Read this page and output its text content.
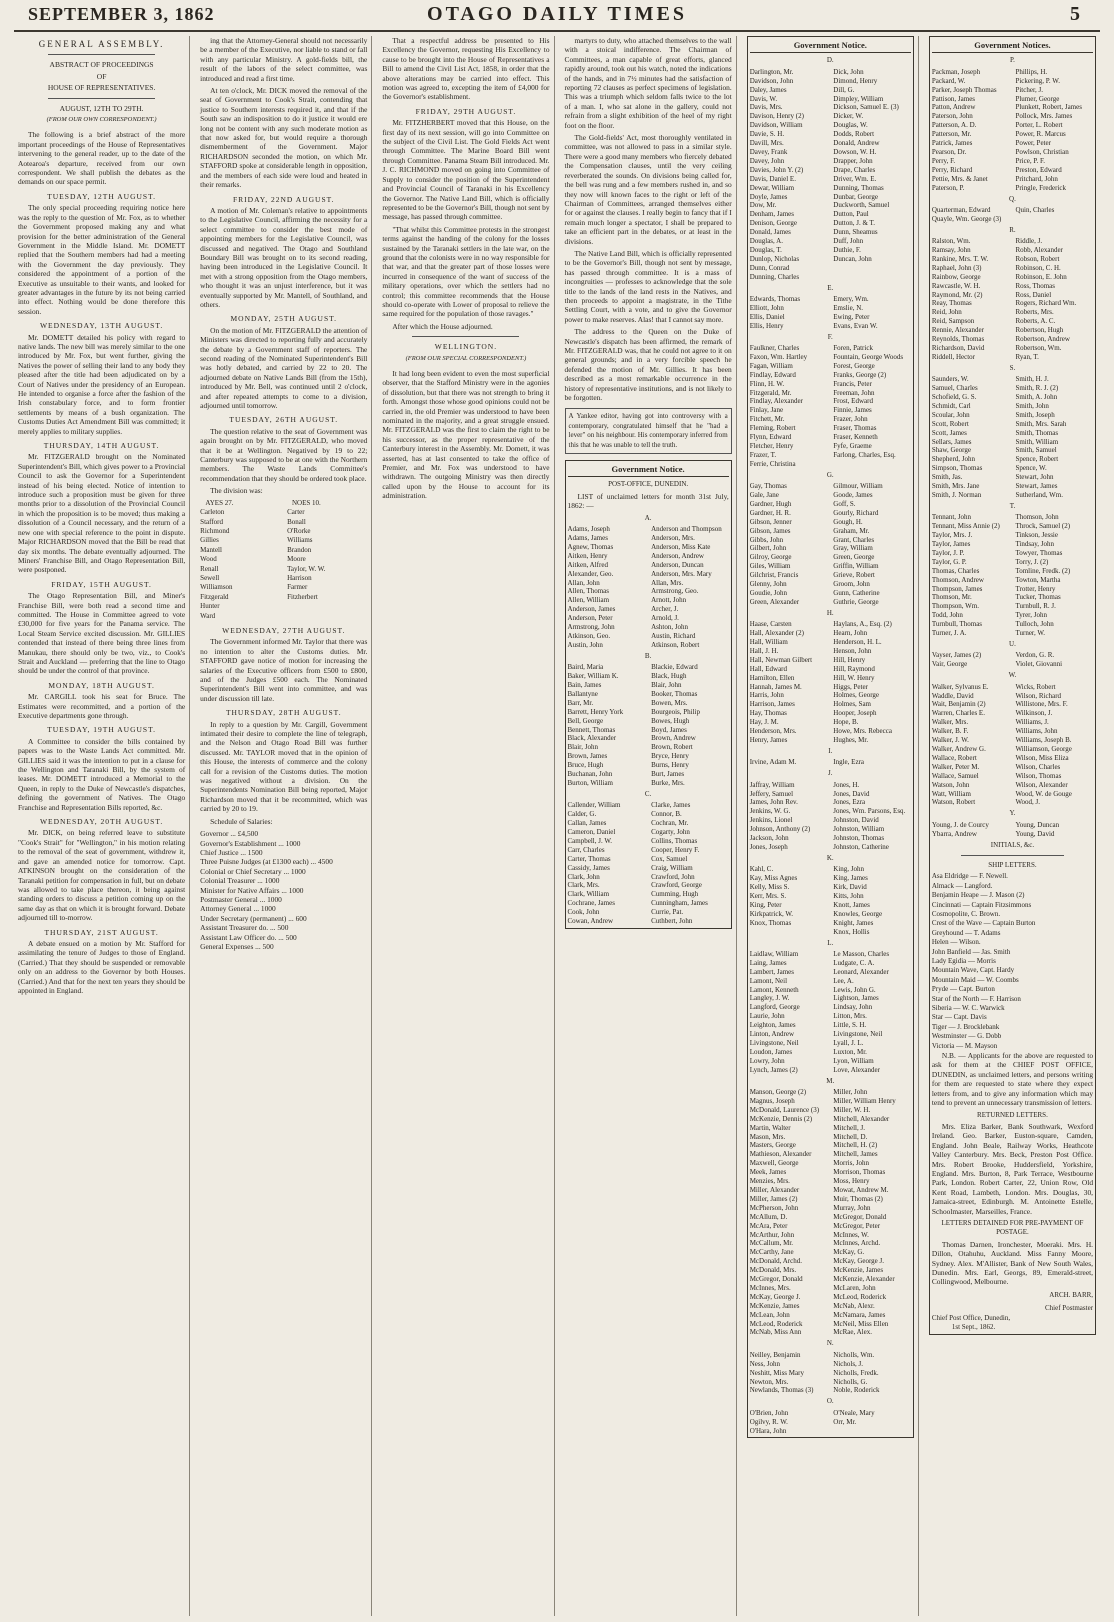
SEPTEMBER 3, 1862	OTAGO DAILY TIMES	5
GENERAL ASSEMBLY.
ABSTRACT OF PROCEEDINGS
OF
HOUSE OF REPRESENTATIVES.
AUGUST, 12TH TO 29TH.
(FROM OUR OWN CORRESPONDENT.)

The following is a brief abstract of the more important proceedings of the House of Representatives intervening to the general reader, up to the date of the Aotearoa's departure, received from our own correspondent. We shall publish the debates as the demands on our space permit.

TUESDAY, 12TH AUGUST.

The only special proceeding requiring notice here was the reply to the question of Mr. Fox, as to whether the Government proposed making any and what provision for the better administration of the General Government in the Middle Island. Mr. DOMETT replied that the Southern members had had a meeting with the Government the day previously. They considered the appointment of a portion of the Executive as unsuitable to their wants, and looked for greater advantages in the future by its not being carried into effect. Nothing would be done therefore this session.

WEDNESDAY, 13TH AUGUST.

Mr. DOMETT detailed his policy with regard to native lands. The new bill was merely similar to the one introduced by Mr. Fox, but went further, giving the Natives the power of selling their land to any body they pleased after the title had been adjudicated on by a Court of Natives under the presidency of an European. He intended to organise a force after the fashion of the Irish constabulary force, and to form frontier settlements by means of a bush organization. The Customs Duties Act Amendment Bill was committed; it merely applies to military supplies.

THURSDAY, 14TH AUGUST.

Mr. FITZGERALD brought on the Nominated Superintendent's Bill, which gives power to a Provincial Council to ask the Governor for a Superintendent instead of his being elected. Notice of intention to introduce such a proposition must be given for three months prior to a dissolution of the Provincial Council in which the proposition is to be moved; thus making a dissolution of a Council necessary, and the return of a new one with special reference to the point in dispute. Major RICHARDSON moved that the Bill be read that day six months. The debate eventually adjourned. The Miners' Franchise Bill, and Otago Representation Bill, were postponed.

FRIDAY, 15TH AUGUST.

The Otago Representation Bill, and Miner's Franchise Bill, were both read a second time and committed. The House in Committee agreed to vote £30,000 for five years for the Panama service. The Local Steam Service excited discussion. Mr. GILLIES contended that instead of there being three lines from Manukau, there should only be two, viz., to Cook's Strait and Auckland — preferring that the line to Otago should be under the control of that province.

MONDAY, 18TH AUGUST.

Mr. CARGILL took his seat for Bruce. The Estimates were recommitted, and a portion of the Executive departments gone through.

TUESDAY, 19TH AUGUST.

A Committee to consider the bills contained by papers was to the Waste Lands Act committed. Mr. GILLIES said it was the intention to put in a clause for the Wellington and Taranaki Bill, by the system of leases. Mr. DOMETT introduced a Memorial to the Queen, in reply to the Duke of Newcastle's dispatches, defining the government of Natives. The Otago Franchise and Representation Bills reported, &c.

WEDNESDAY, 20TH AUGUST.

Mr. DICK, on being referred leave to substitute "Cook's Strait" for "Wellington," in his motion relating to the removal of the seat of government, withdrew it, and gave an amended notice for tomorrow. Capt. ATKINSON brought on the consideration of the Taranaki petition for compensation in full, but on debate was allowed to take place thereon, it being against standing orders to discuss a petition coming up on the same day as that on which it is brought forward. Debate adjourned till to-morrow.

THURSDAY, 21ST AUGUST.

A debate ensued on a motion by Mr. Stafford for assimilating the tenure of Judges to those of England. (Carried.) That they should be suspended or removable only on an address to the Governor by both Houses. (Carried.) And that for the next ten years they should be appointed in England.

ing that the Attorney-General should not necessarily be a member of the Executive, nor liable to stand or fall with any particular Ministry. A gold-fields bill, the result of the labors of the select committee, was introduced and read a first time.

At ten o'clock, Mr. DICK moved the removal of the seat of Government to Cook's Strait, contending that justice to Southern interests required it, and that if the South saw an indisposition to do it justice it would ere long not be content with any such moderate motion as that now asked for, but would require a thorough dismemberment of the Government. Major RICHARDSON seconded the motion, on which Mr. STAFFORD spoke at considerable length in opposition, and the members of each side were loud and heated in their remarks.

FRIDAY, 22ND AUGUST.

A motion of Mr. Coleman's relative to appointments to the Legislative Council, affirming the necessity for a select committee to consider the best mode of appointing members for the Legislative Council, was discussed and negatived. The Otago and Southland Boundary Bill was brought on to its second reading, having been introduced in the Legislative Council. It met with a strong opposition from the Otago members, who thought it was an unjust interference, but it was eventually supported by Mr. Mantell, of Southland, and others.

MONDAY, 25TH AUGUST.

On the motion of Mr. FITZGERALD the attention of Ministers was directed to reporting fully and accurately the debate by a Government staff of reporters. The second reading of the Nominated Superintendent's Bill was hotly debated, and carried by 22 to 20. The adjourned debate on Native Lands Bill (from the 15th), introduced by Mr. Bell, was continued until 2 o'clock, and after repeated attempts to come to a division, adjourned until tomorrow.

TUESDAY, 26TH AUGUST.

The question relative to the seat of Government was again brought on by Mr. FITZGERALD, who moved that it be at Wellington. Negatived by 19 to 22; Canterbury was supposed to be at one with the Northern members. The Waste Lands Committee's recommendation that they should be ordered took place.

The division was:

AYES 27.
Carleton
Stafford
Richmond
Gillies
Mantell
Wood
Renall
Sewell
Williamson
Fitzgerald
Hunter
Ward
NOES 10.
Carter
Bonall
O'Rorke
Williams
Brandon
Moore
Taylor, W. W.
Harrison
Farmer
Fitzherbert
WEDNESDAY, 27TH AUGUST.

The Government informed Mr. Taylor that there was no intention to alter the Customs duties. Mr. STAFFORD gave notice of motion for increasing the salaries of the Executive officers from £500 to £800, and of the Judges £500 each. The Nominated Superintendent's Bill went into committee, and was under discussion till late.

THURSDAY, 28TH AUGUST.

In reply to a question by Mr. Cargill, Government intimated their desire to complete the line of telegraph, and the Nelson and Otago Road Bill was further discussed. Mr. TAYLOR moved that in the opinion of this House, the interests of commerce and the colony call for a revision of the Customs duties. The motion was negatived without a division. On the Superintendents Nomination Bill being reported, Major Richardson moved that it be recommitted, which was carried by 20 to 19.

Schedule of Salaries:

Governor ... £4,500
Governor's Establishment ... 1000
Chief Justice ... 1500
Three Puisne Judges (at £1300 each) ... 4500
Colonial or Chief Secretary ... 1000
Colonial Treasurer ... 1000
Minister for Native Affairs ... 1000
Postmaster General ... 1000
Attorney General ... 1000
Under Secretary (permanent) ... 600
Assistant Treasurer do. ... 500
Assistant Law Officer do. ... 500
General Expenses ... 500

That a respectful address be presented to His Excellency the Governor, requesting His Excellency to cause to be brought into the House of Representatives a Bill to amend the Civil List Act, 1858, in order that the above alterations may be carried into effect. This motion was agreed to, excepting the item of £4,000 for the Governor's establishment.

FRIDAY, 29TH AUGUST.

Mr. FITZHERBERT moved that this House, on the first day of its next session, will go into Committee on the subject of the Civil List. The Gold Fields Act went through Committee. The Marine Board Bill went through Committee. Panama Steam Bill introduced. Mr. J. C. RICHMOND moved on going into Committee of Supply to consider the position of the Superintendent and Provincial Council of Taranaki in his Excellency the Governor. The Native Land Bill, which is officially represented to be the Governor's Bill, though not sent by message, has passed through committee.

"That whilst this Committee protests in the strongest terms against the handing of the colony for the losses sustained by the Taranaki settlers in the late war, on the ground that the colonists were in no way responsible for that war, and that the greater part of those losses were incurred in consequence of the want of success of the military operations, over which the settlers had no control; this committee recommends that the House should co-operate with Lower of proposal to relieve the same required for the population of those ravages."

After which the House adjourned.

WELLINGTON.
(FROM OUR SPECIAL CORRESPONDENT.)

It had long been evident to even the most superficial observer, that the Stafford Ministry were in the agonies of dissolution, but that there was not strength to bring it forth. Amongst those whose good opinions could not be carried in, the old Premier was understood to have been nominated in the majority, and a great struggle ensued. Mr. FITZGERALD was the first to claim the right to be his successor, as the proper representative of the Canterbury interest in the Assembly. Mr. Domett, it was asserted, has at last consented to take the office of Premier, and Mr. Fox was understood to have withdrawn. The outgoing Ministry was then directly called upon by the House to account for its administration.

martyrs to duty, who attached themselves to the wall with a stoical indifference. The Chairman of Committees, a man capable of great efforts, glanced rapidly around, took out his watch, noted the indications of the hands, and in 7½ minutes had the satisfaction of reporting 72 clauses as perfect specimens of legislation. This was a triumph which seldom falls twice to the lot of a man. I, who sat alone in the gallery, could not refrain from a slight exhibition of the heel of my right foot on the floor.

The Gold-fields' Act, most thoroughly ventilated in committee, was not allowed to pass in a similar style. There were a good many members who fiercely debated the Compensation clauses, until the very ceiling reverberated the sounds. On divisions being called for, the bell was rung and a few members rushed in, and so they now will known faces to the right or left of the Chairman of Committees, arranged themselves either for or against the clauses. I really begin to fancy that if I remain much longer a spectator, I shall be prepared to take an efficient part in the debates, or at least in the divisions.

The Native Land Bill, which is officially represented to be the Governor's Bill, though not sent by message, has passed through committee. It is a mass of incongruities — professes to acknowledge that the sole title to the lands of the land rests in the Natives, and then proceeds to appoint a magistrate, in the Tithe Settling Court, with a vote, and to give the Governor power to make reserves. Alas! that I cannot say more.

The address to the Queen on the Duke of Newcastle's dispatch has been affirmed, the remark of Mr. FITZGERALD was, that he could not agree to it on general grounds; and in a very forcible speech he defended the motion of Mr. Gillies. It has been described as a most remarkable occurrence in the history of representative institutions, and is not likely to be forgotten.

A Yankee editor, having got into controversy with a contemporary, congratulated himself that he "had a lever" on his neighbour. His contemporary inferred from this that he was unable to tell the truth.
Government Notice.
POST-OFFICE, DUNEDIN.

LIST of unclaimed letters for month 31st July, 1862: —

A.
Adams, Joseph
Adams, James
Agnew, Thomas
Aitken, Henry
Aitken, Alfred
Alexander, Geo.
Allan, John
Allen, Thomas
Allen, William
Anderson, James
Anderson, Peter
Armstrong, John
Atkinson, Geo.
Austin, John
Anderson and Thompson
Anderson, Mrs.
Anderson, Miss Kate
Anderson, Andrew
Anderson, Duncan
Anderson, Mrs. Mary
Allan, Mrs.
Armstrong, Geo.
Arnott, John
Archer, J.
Arnold, J.
Ashton, John
Austin, Richard
Atkinson, Robert
B.
Baird, Maria
Baker, William K.
Bain, James
Ballantyne
Barr, Mr.
Barrett, Henry York
Bell, George
Bennett, Thomas
Black, Alexander
Blair, John
Brown, James
Bruce, Hugh
Buchanan, John
Burton, William
Blackie, Edward
Black, Hugh
Blair, John
Booker, Thomas
Bowen, Mrs.
Bourgeois, Philip
Bowes, Hugh
Boyd, James
Brown, Andrew
Brown, Robert
Bryce, Henry
Burns, Henry
Burt, James
Burke, Mrs.
C.
Callender, William
Calder, G.
Callan, James
Cameron, Daniel
Campbell, J. W.
Carr, Charles
Carter, Thomas
Cassidy, James
Clark, John
Clark, Mrs.
Clark, William
Cochrane, James
Cook, John
Cowan, Andrew
Clarke, James
Connor, B.
Cochran, Mr.
Cogarty, John
Collins, Thomas
Cooper, Henry F.
Cox, Samuel
Craig, William
Crawford, John
Crawford, George
Cumming, Hugh
Cunningham, James
Currie, Pat.
Cuthbert, John
Government Notice.
D.
Darlington, Mr.
Davidson, John
Daley, James
Davis, W.
Davis, Mrs.
Davison, Henry (2)
Davidson, William
Davie, S. H.
Davill, Mrs.
Davey, Frank
Davey, John
Davies, John Y. (2)
Davis, Daniel E.
Dewar, William
Doyle, James
Dow, Mr.
Denham, James
Denison, George
Donald, James
Douglas, A.
Douglas, T.
Dunlop, Nicholas
Dunn, Conrad
Dunning, Charles
Dick, John
Dimond, Henry
Dill, G.
Dimpley, William
Dickson, Samuel E. (3)
Dicker, W.
Douglas, W.
Dodds, Robert
Donald, Andrew
Dowson, W. H.
Drapper, John
Drape, Charles
Driver, Wm. E.
Dunning, Thomas
Dunbar, George
Duckworth, Samuel
Dutton, Paul
Dutton, J. & T.
Dunn, Sheamus
Duff, John
Duthie, F.
Duncan, John
E.
Edwards, Thomas
Elliott, John
Ellis, Daniel
Ellis, Henry
Emery, Wm.
Emslie, N.
Ewing, Peter
Evans, Evan W.
F.
Faulkner, Charles
Faxon, Wm. Hartley
Fagan, William
Findlay, Edward
Flinn, H. W.
Fitzgerald, Mr.
Findlay, Alexander
Finlay, Jane
Fitchett, Mr.
Fleming, Robert
Flynn, Edward
Fletcher, Henry
Frazer, T.
Ferrie, Christina
Foren, Patrick
Fountain, George Woods
Forest, George
Franks, George (2)
Francis, Peter
Freeman, John
Frost, Edward
Finnie, James
Frazer, John
Fraser, Thomas
Fraser, Kenneth
Fyfe, Graeme
Farlong, Charles, Esq.
G.
Gay, Thomas
Gale, Jane
Gardner, Hugh
Gardner, H. R.
Gibson, Jenner
Gibson, James
Gibbs, John
Gilbert, John
Gilroy, George
Giles, William
Gilchrist, Francis
Glenny, John
Goudie, John
Green, Alexander
Gilmour, William
Goode, James
Goff, S.
Gourly, Richard
Gough, H.
Graham, Mr.
Grant, Charles
Gray, William
Green, George
Griffin, William
Grieve, Robert
Groom, John
Gunn, Catherine
Guthrie, George
H.
Haase, Carsten
Hall, Alexander (2)
Hall, William
Hall, J. H.
Hall, Newman Gilbert
Hall, Edward
Hamilton, Ellen
Hannah, James M.
Harris, John
Harrison, James
Hay, Thomas
Hay, J. M.
Henderson, Mrs.
Henry, James
Haylans, A., Esq. (2)
Hearn, John
Henderson, H. L.
Henson, John
Hill, Henry
Hill, Raymond
Hill, W. Henry
Higgs, Peter
Holmes, George
Holmes, Sam
Hooper, Joseph
Hope, B.
Howe, Mrs. Rebecca
Hughes, Mr.
I.
Irvine, Adam M.	Ingle, Ezra
J.
Jaffray, William
Jeffery, Samuel
James, John Rev.
Jenkins, W. G.
Jenkins, Lionel
Johnson, Anthony (2)
Jackson, John
Jones, Joseph
Jones, H.
Jones, David
Jones, Ezra
Jones, Wm. Parsons, Esq.
Johnston, David
Johnston, William
Johnston, Thomas
Johnston, Catherine
K.
Kahl, C.
Kay, Miss Agnes
Kelly, Miss S.
Kerr, Mrs. S.
King, Peter
Kirkpatrick, W.
Knox, Thomas
King, John
King, James
Kirk, David
Kitts, John
Knott, James
Knowles, George
Knight, James
Knox, Hollis
L.
Laidlaw, William
Laing, James
Lambert, James
Lamont, Neil
Lamont, Kenneth
Langley, J. W.
Langford, George
Laurie, John
Leighton, James
Linton, Andrew
Livingstone, Neil
Loudon, James
Lowry, John
Lynch, James (2)
Le Masson, Charles
Ludgate, C. A.
Leonard, Alexander
Lee, A.
Lewis, John G.
Lightson, James
Lindsay, John
Litton, Mrs.
Little, S. H.
Livingstone, Neil
Lyall, J. L.
Luxton, Mr.
Lyon, William
Love, Alexander
M.
Manson, George (2)
Magnus, Joseph
McDonald, Laurence (3)
McKenzie, Dennis (2)
Martin, Walter
Mason, Mrs.
Masters, George
Mathieson, Alexander
Maxwell, George
Meek, James
Menzies, Mrs.
Miller, Alexander
Miller, James (2)
McPherson, John
Miller, John
Miller, William Henry
Miller, W. H.
Mitchell, Alexander
Mitchell, J.
Mitchell, D.
Mitchell, H. (2)
Mitchell, James
Morris, John
Morrison, Thomas
Moss, Henry
Mowat, Andrew M.
Muir, Thomas (2)
Murray, John
McAllum, D.
McAra, Peter
McArthur, John
McCallum, Mr.
McCarthy, Jane
McDonald, Archd.
McDonald, Mrs.
McGregor, Donald
McInnes, Mrs.
McKay, George J.
McKenzie, James
McLean, John
McLeod, Roderick
McNab, Miss Ann
McGregor, Donald
McGregor, Peter
McInnes, W.
McInnes, Archd.
McKay, G.
McKay, George J.
McKenzie, James
McKenzie, Alexander
McLaren, John
McLeod, Roderick
McNab, Alexr.
McNamara, James
McNeil, Miss Ellen
McRae, Alex.
N.
Neilley, Benjamin
Ness, John
Neshitt, Miss Mary
Newton, Mrs.
Newlands, Thomas (3)
Nicholls, Wm.
Nichols, J.
Nicholls, Fredk.
Nicholls, G.
Noble, Roderick
O.
O'Brien, John
Ogilvy, R. W.
O'Hara, John
O'Neale, Mary
Orr, Mr.
Government Notices.
P.
Packman, Joseph
Packard, W.
Parker, Joseph Thomas
Pattison, James
Patton, Andrew
Paterson, John
Patterson, A. D.
Patterson, Mr.
Patrick, James
Pearson, Dr.
Perry, F.
Perry, Richard
Pettie, Mrs. & Janet
Paterson, P.
Phillips, H.
Pickering, P. W.
Pitcher, J.
Plumer, George
Plunkett, Robert, James
Pollock, Mrs. James
Porter, L. Robert
Power, R. Marcus
Power, Peter
Powlson, Christian
Price, P. F.
Preston, Edward
Pritchard, John
Pringle, Frederick
Q.
Quarterman, Edward
Quayle, Wm. George (3)
Quin, Charles
R.
Ralston, Wm.
Ramsay, John
Rankine, Mrs. T. W.
Raphael, John (3)
Rainbow, George
Rawcastle, W. H.
Raymond, Mr. (2)
Reay, Thomas
Reid, John
Reid, Sampson
Rennie, Alexander
Reynolds, Thomas
Richardson, David
Riddell, Hector
Riddle, J.
Robb, Alexander
Robson, Robert
Robinson, C. H.
Robinson, E. John
Ross, Thomas
Ross, Daniel
Rogers, Richard Wm.
Roberts, Mrs.
Roberts, A. C.
Robertson, Hugh
Robertson, Andrew
Robertson, Wm.
Ryan, T.
S.
Saunders, W.
Samuel, Charles
Schofield, G. S.
Schmidt, Carl
Scoular, John
Scott, Robert
Scott, James
Sellars, James
Shaw, George
Shepherd, John
Simpson, Thomas
Smith, Jas.
Smith, Mrs. Jane
Smith, J. Norman
Smith, H. J.
Smith, R. J. (2)
Smith, A. John
Smith, John
Smith, Joseph
Smith, Mrs. Sarah
Smith, Thomas
Smith, William
Smith, Samuel
Spence, Robert
Spence, W.
Stewart, John
Stewart, James
Sutherland, Wm.
T.
Tennant, John
Tennant, Miss Annie (2)
Taylor, Mrs. J.
Taylor, James
Taylor, J. P.
Taylor, G. P.
Thomas, Charles
Thomson, Andrew
Thompson, James
Thomson, Mr.
Thompson, Wm.
Todd, John
Turnbull, Thomas
Turner, J. A.
Thomson, John
Throck, Samuel (2)
Tinkson, Jessie
Tindsay, John
Towyer, Thomas
Torry, J. (2)
Tomline, Fredk. (2)
Towton, Martha
Trotter, Henry
Tucker, Thomas
Turnbull, R. J.
Tyrer, John
Tulloch, John
Turner, W.
U.
Vayser, James (2)
Vair, George
Verdon, G. R.
Violet, Giovanni
W.
Walker, Sylvanus E.
Waddle, David
Wait, Benjamin (2)
Warren, Charles E.
Walker, Mrs.
Walker, B. F.
Walker, J. W.
Walker, Andrew G.
Wallace, Robert
Walker, Peter M.
Wallace, Samuel
Watson, John
Watt, William
Watson, Robert
Wicks, Robert
Wilson, Richard
Willistone, Mrs. F.
Wilkinson, J.
Williams, J.
Williams, John
Williams, Joseph B.
Williamson, George
Wilson, Miss Eliza
Wilson, Charles
Wilson, Thomas
Wilson, Alexander
Wood, W. de Gouge
Wood, J.
Y.
Young, J. de Courcy
Ybarra, Andrew
Young, Duncan
Young, David
INITIALS, &c.
SHIP LETTERS.
Asa Eldridge — F. Newell.
Almack — Langford.
Benjamin Heape — J. Mason (2)
Cincinnati — Captain Fitzsimmons
Cosmopolite, C. Brown.
Crest of the Wave — Captain Burton
Greyhound — T. Adams
Helen — Wilson.
John Banfield — Jas. Smith
Lady Egidia — Morris
Mountain Wave, Capt. Hardy
Mountain Maid — W. Coombs
Pryde — Capt. Burton
Star of the North — F. Harrison
Siberia — W. C. Warwick
Star — Capt. Davis
Tiger — J. Brocklebank
Westminster — G. Dobb
Victoria — M. Mayson

N.B. — Applicants for the above are requested to ask for them at the CHIEF POST OFFICE, DUNEDIN, as unclaimed letters, and persons writing for them are requested to state where they expect letters from, and to give any information which may tend to prevent an unnecessary transmission of letters.

RETURNED LETTERS.

Mrs. Eliza Barker, Bank Southwark, Wexford Ireland. Geo. Barker, Euston-square, Camden, England. John Beale, Railway Works, Heathcote Valley Canterbury. Mrs. Beck, Preston Post Office. Mrs. Robert Brooke, Huddersfield, Yorkshire, England. Mrs. Burton, 8, Park Terrace, Westbourne Park, London. Robert Carter, 22, Union Row, Old Kent Road, Lambeth, London. Mrs. Douglas, 30, Jamaica-street, Edinburgh. M. Antoinette Estelle, Schoolmaster, Marseilles, France.

LETTERS DETAINED FOR PRE-PAYMENT OF POSTAGE.

Thomas Darnen, Ironchester, Moeraki. Mrs. H. Dillon, Otahuhu, Auckland. Miss Fanny Moore, Sydney. Alex. M'Allister, Bank of New South Wales, Dunedin. Mrs. Earl, Georgs, 89, Emerald-street, Collingwood, Melbourne.

ARCH. BARR,
Chief Postmaster
Chief Post Office, Dunedin,
1st Sept., 1862.
